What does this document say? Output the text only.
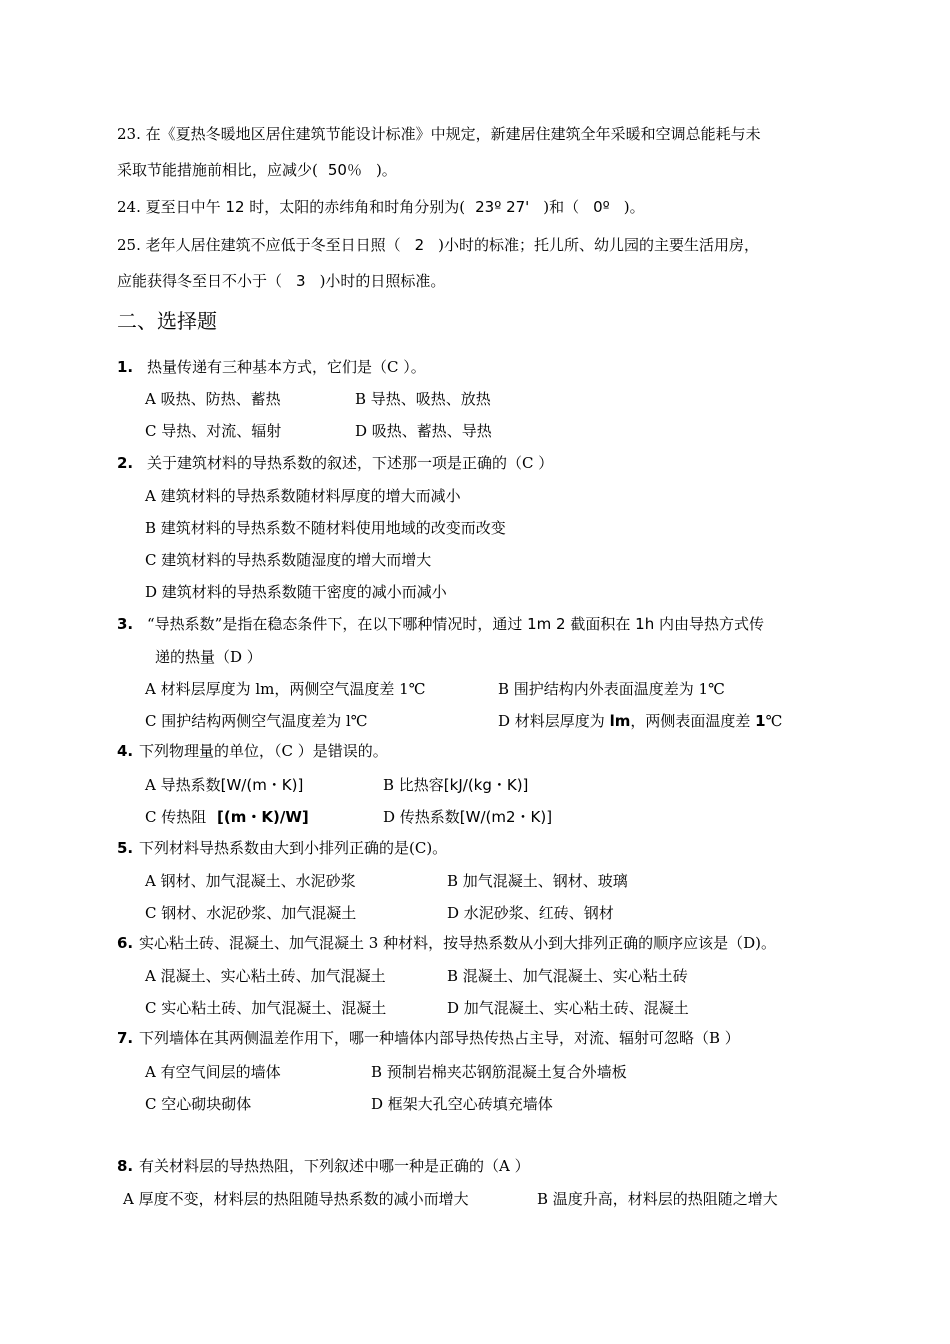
23. 在《夏热冬暖地区居住建筑节能设计标准》中规定，新建居住建筑全年采暖和空调总能耗与未
采取节能措施前相比，应减少( 50％ )。
24. 夏至日中午 12 时，太阳的赤纬角和时角分别为( 23º 27' )和（ 0º )。
25. 老年人居住建筑不应低于冬至日日照（ 2 )小时的标准；托儿所、幼儿园的主要生活用房，
应能获得冬至日不小于（ 3 )小时的日照标准。
二、选择题
1. 热量传递有三种基本方式，它们是（C ）。
A 吸热、防热、蓄热	B 导热、吸热、放热
C 导热、对流、辐射	D 吸热、蓄热、导热
2. 关于建筑材料的导热系数的叙述，下述那一项是正确的（C ）
A 建筑材料的导热系数随材料厚度的增大而减小
B 建筑材料的导热系数不随材料使用地域的改变而改变
C 建筑材料的导热系数随湿度的增大而增大
D 建筑材料的导热系数随干密度的减小而减小
3. “导热系数”是指在稳态条件下，在以下哪种情况时，通过 1m 2 截面积在 1h 内由导热方式传
递的热量（D ）
A 材料层厚度为 lm，两侧空气温度差 1℃	B 围护结构内外表面温度差为 1℃
C 围护结构两侧空气温度差为 l℃	D 材料层厚度为 lm，两侧表面温度差 1℃
4. 下列物理量的单位，（C ）是错误的。
A 导热系数[W/(m・K)]	B 比热容[kJ/(kg・K)]
C 传热阻 [(m・K)/W]	D 传热系数[W/(m2・K)]
5. 下列材料导热系数由大到小排列正确的是(C)。
A 钢材、加气混凝土、水泥砂浆	B 加气混凝土、钢材、玻璃
C 钢材、水泥砂浆、加气混凝土	D 水泥砂浆、红砖、钢材
6. 实心粘土砖、混凝土、加气混凝土 3 种材料，按导热系数从小到大排列正确的顺序应该是（D)。
A 混凝土、实心粘土砖、加气混凝土	B 混凝土、加气混凝土、实心粘土砖
C 实心粘土砖、加气混凝土、混凝土	D 加气混凝土、实心粘土砖、混凝土
7. 下列墙体在其两侧温差作用下，哪一种墙体内部导热传热占主导，对流、辐射可忽略（B ）
A 有空气间层的墙体	B 预制岩棉夹芯钢筋混凝土复合外墙板
C 空心砌块砌体	D 框架大孔空心砖填充墙体
8. 有关材料层的导热热阻，下列叙述中哪一种是正确的（A ）
A 厚度不变，材料层的热阻随导热系数的减小而增大	B 温度升高，材料层的热阻随之增大
